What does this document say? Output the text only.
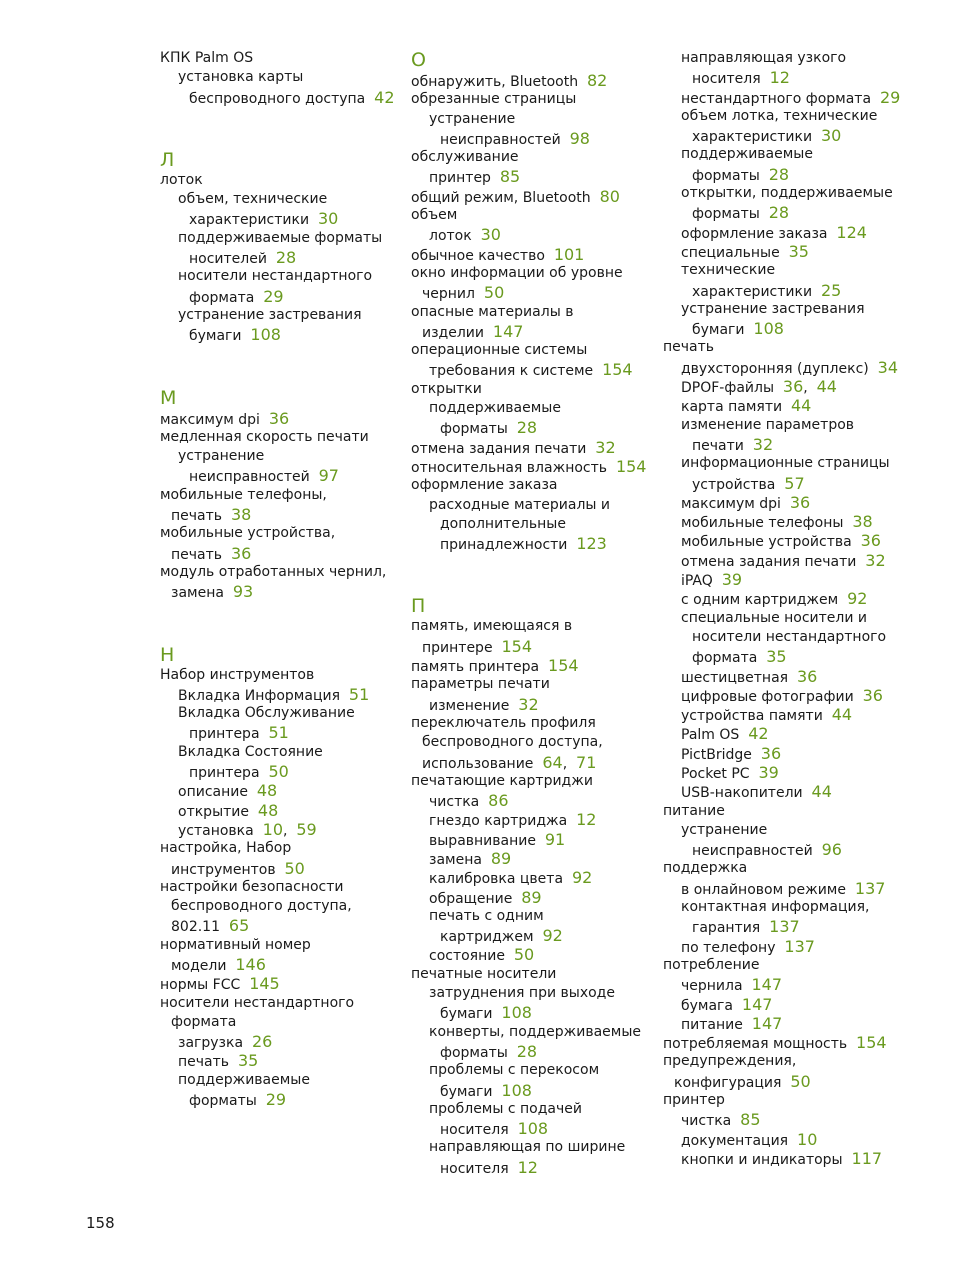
КПК Palm OS
установка карты
беспроводного доступа 42
Л
лоток
объем, технические
характеристики 30
поддерживаемые форматы
носителей 28
носители нестандартного
формата 29
устранение застревания
бумаги 108
М
максимум dpi 36
медленная скорость печати
устранение
неисправностей 97
мобильные телефоны,
печать 38
мобильные устройства,
печать 36
модуль отработанных чернил,
замена 93
Н
Набор инструментов
Вкладка Информация 51
Вкладка Обслуживание
принтера 51
Вкладка Состояние
принтера 50
описание 48
открытие 48
установка 10,  59
настройка, Набор
инструментов 50
настройки безопасности
беспроводного доступа,
802.11 65
нормативный номер
модели 146
нормы FCC 145
носители нестандартного
формата
загрузка 26
печать 35
поддерживаемые
форматы 29
О
обнаружить, Bluetooth 82
обрезанные страницы
устранение
неисправностей 98
обслуживание
принтер 85
общий режим, Bluetooth 80
объем
лоток 30
обычное качество 101
окно информации об уровне
чернил 50
опасные материалы в
изделии 147
операционные системы
требования к системе 154
открытки
поддерживаемые
форматы 28
отмена задания печати 32
относительная влажность 154
оформление заказа
расходные материалы и
дополнительные
принадлежности 123
П
память, имеющаяся в
принтере 154
память принтера 154
параметры печати
изменение 32
переключатель профиля
беспроводного доступа,
использование 64,  71
печатающие картриджи
чистка 86
гнездо картриджа 12
выравнивание 91
замена 89
калибровка цвета 92
обращение 89
печать с одним
картриджем 92
состояние 50
печатные носители
затруднения при выходе
бумаги 108
конверты, поддерживаемые
форматы 28
проблемы с перекосом
бумаги 108
проблемы с подачей
носителя 108
направляющая по ширине
носителя 12
направляющая узкого
носителя 12
нестандартного формата 29
объем лотка, технические
характеристики 30
поддерживаемые
форматы 28
открытки, поддерживаемые
форматы 28
оформление заказа 124
специальные 35
технические
характеристики 25
устранение застревания
бумаги 108
печать
двухсторонняя (дуплекс) 34
DPOF-файлы 36,  44
карта памяти 44
изменение параметров
печати 32
информационные страницы
устройства 57
максимум dpi 36
мобильные телефоны 38
мобильные устройства 36
отмена задания печати 32
iPAQ 39
с одним картриджем 92
специальные носители и
носители нестандартного
формата 35
шестицветная 36
цифровые фотографии 36
устройства памяти 44
Palm OS 42
PictBridge 36
Pocket PC 39
USB-накопители 44
питание
устранение
неисправностей 96
поддержка
в онлайновом режиме 137
контактная информация,
гарантия 137
по телефону 137
потребление
чернила 147
бумага 147
питание 147
потребляемая мощность 154
предупреждения,
конфигурация 50
принтер
чистка 85
документация 10
кнопки и индикаторы 117
158
